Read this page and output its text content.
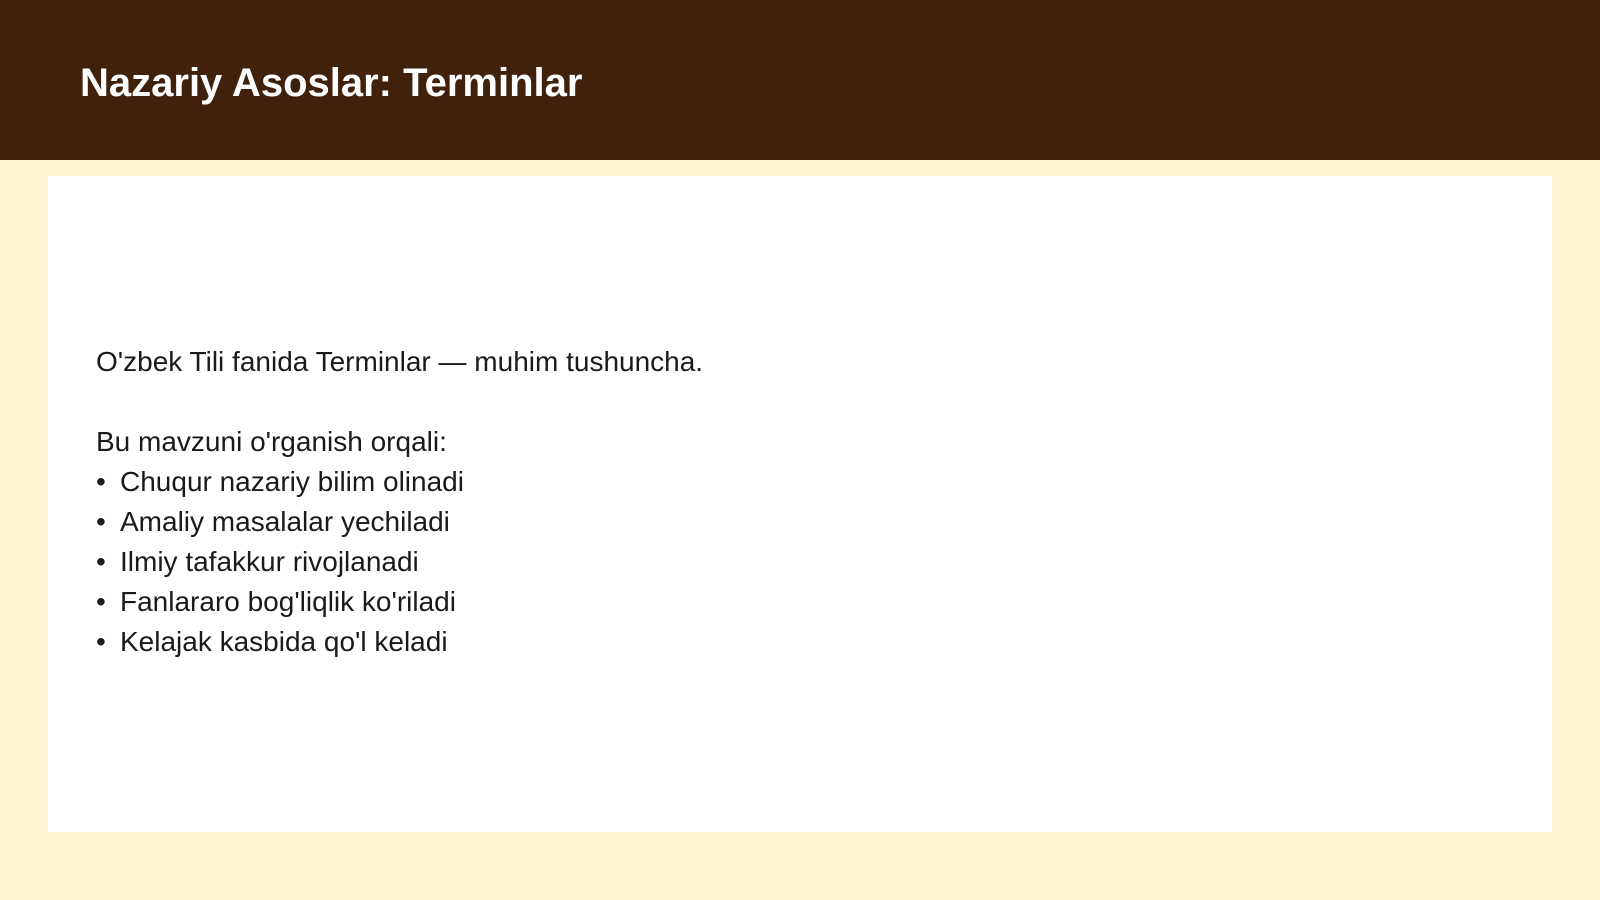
Nazariy Asoslar: Terminlar
O'zbek Tili fanida Terminlar — muhim tushuncha.
Bu mavzuni o'rganish orqali:
• Chuqur nazariy bilim olinadi
• Amaliy masalalar yechiladi
• Ilmiy tafakkur rivojlanadi
• Fanlararo bog'liqlik ko'riladi
• Kelajak kasbida qo'l keladi
